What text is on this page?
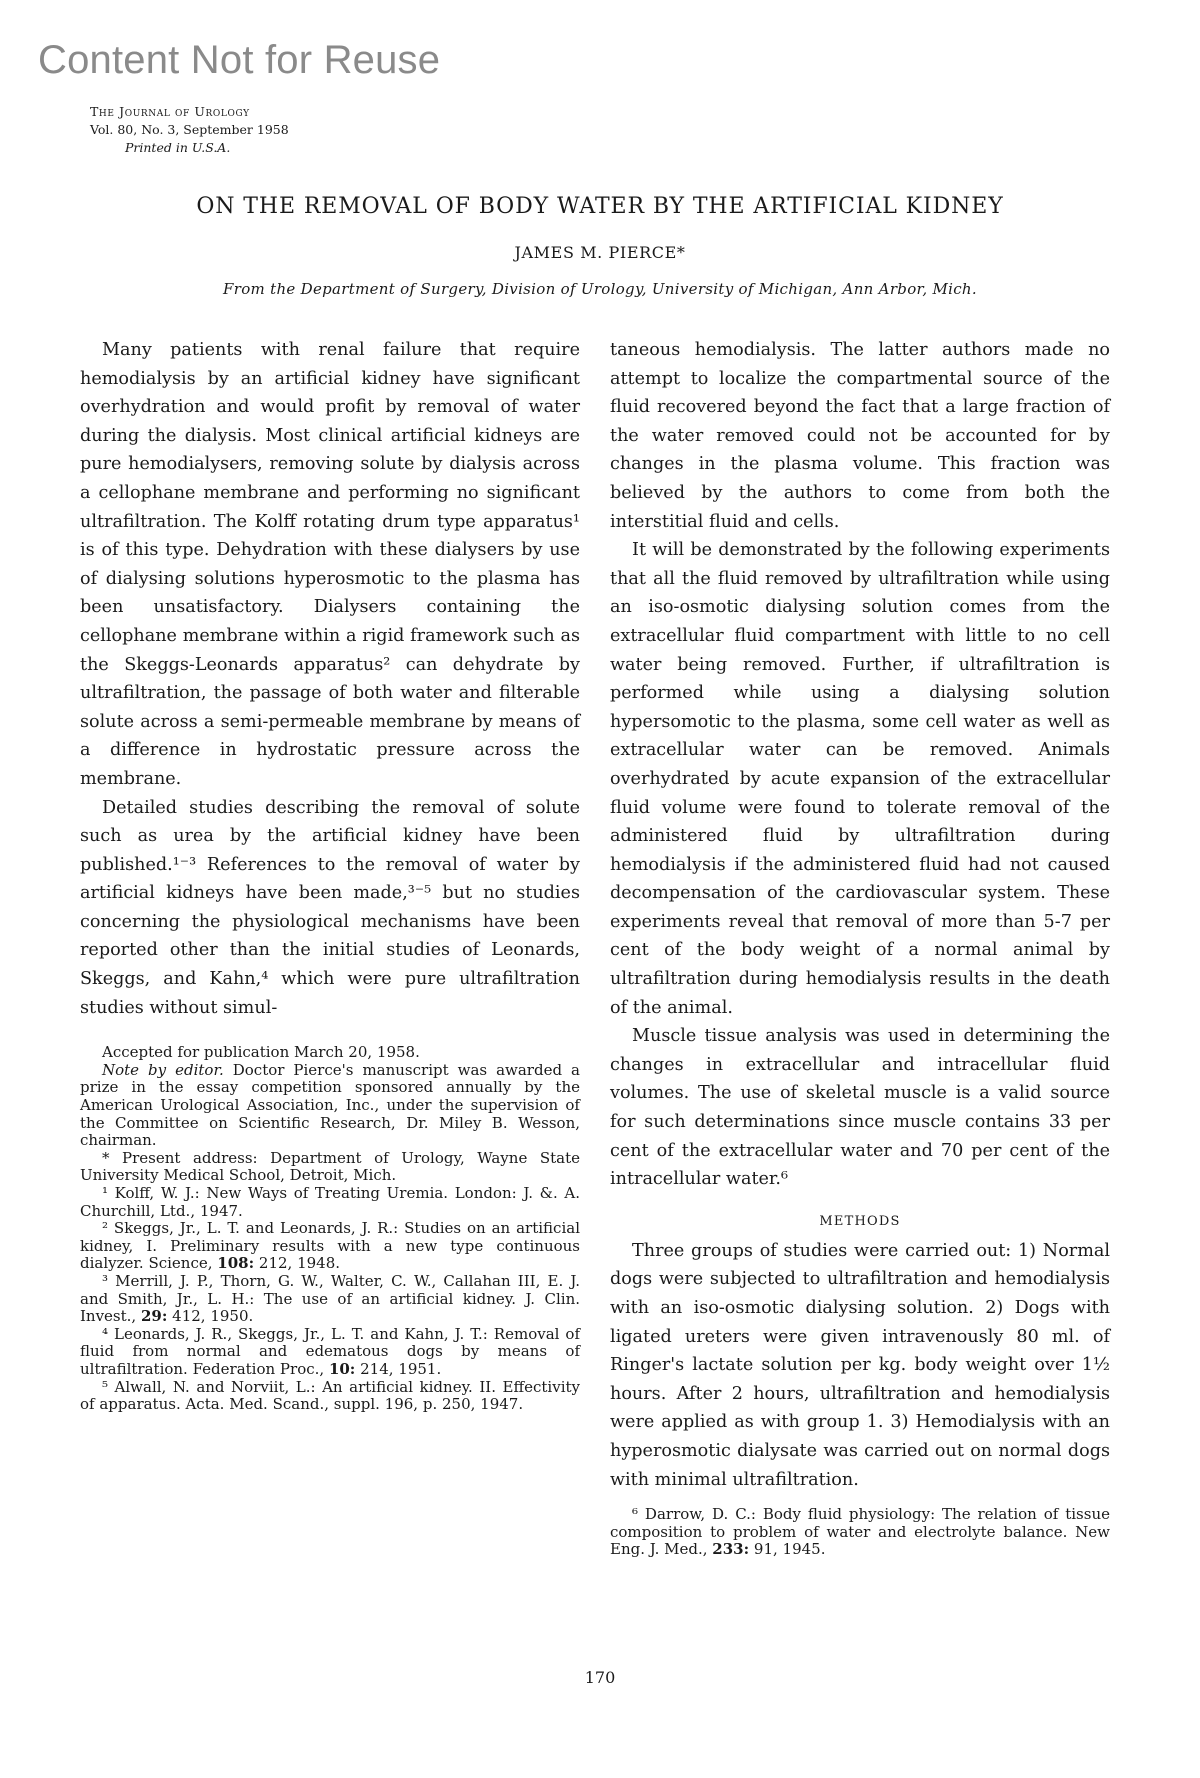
Content Not for Reuse
The Journal of Urology
Vol. 80, No. 3, September 1958
Printed in U.S.A.
ON THE REMOVAL OF BODY WATER BY THE ARTIFICIAL KIDNEY
JAMES M. PIERCE*
From the Department of Surgery, Division of Urology, University of Michigan, Ann Arbor, Mich.

Many patients with renal failure that require hemodialysis by an artificial kidney have significant overhydration and would profit by removal of water during the dialysis. Most clinical artificial kidneys are pure hemodialysers, removing solute by dialysis across a cellophane membrane and performing no significant ultrafiltration. The Kolff rotating drum type apparatus¹ is of this type. Dehydration with these dialysers by use of dialysing solutions hyperosmotic to the plasma has been unsatisfactory. Dialysers containing the cellophane membrane within a rigid framework such as the Skeggs-Leonards apparatus² can dehydrate by ultrafiltration, the passage of both water and filterable solute across a semi-permeable membrane by means of a difference in hydrostatic pressure across the membrane.

Detailed studies describing the removal of solute such as urea by the artificial kidney have been published.¹⁻³ References to the removal of water by artificial kidneys have been made,³⁻⁵ but no studies concerning the physiological mechanisms have been reported other than the initial studies of Leonards, Skeggs, and Kahn,⁴ which were pure ultrafiltration studies without simul-

Accepted for publication March 20, 1958.

Note by editor. Doctor Pierce's manuscript was awarded a prize in the essay competition sponsored annually by the American Urological Association, Inc., under the supervision of the Committee on Scientific Research, Dr. Miley B. Wesson, chairman.

* Present address: Department of Urology, Wayne State University Medical School, Detroit, Mich.

¹ Kolff, W. J.: New Ways of Treating Uremia. London: J. &. A. Churchill, Ltd., 1947.

² Skeggs, Jr., L. T. and Leonards, J. R.: Studies on an artificial kidney, I. Preliminary results with a new type continuous dialyzer. Science, 108: 212, 1948.

³ Merrill, J. P., Thorn, G. W., Walter, C. W., Callahan III, E. J. and Smith, Jr., L. H.: The use of an artificial kidney. J. Clin. Invest., 29: 412, 1950.

⁴ Leonards, J. R., Skeggs, Jr., L. T. and Kahn, J. T.: Removal of fluid from normal and edematous dogs by means of ultrafiltration. Federation Proc., 10: 214, 1951.

⁵ Alwall, N. and Norviit, L.: An artificial kidney. II. Effectivity of apparatus. Acta. Med. Scand., suppl. 196, p. 250, 1947.

taneous hemodialysis. The latter authors made no attempt to localize the compartmental source of the fluid recovered beyond the fact that a large fraction of the water removed could not be accounted for by changes in the plasma volume. This fraction was believed by the authors to come from both the interstitial fluid and cells.

It will be demonstrated by the following experiments that all the fluid removed by ultrafiltration while using an iso-osmotic dialysing solution comes from the extracellular fluid compartment with little to no cell water being removed. Further, if ultrafiltration is performed while using a dialysing solution hypersomotic to the plasma, some cell water as well as extracellular water can be removed. Animals overhydrated by acute expansion of the extracellular fluid volume were found to tolerate removal of the administered fluid by ultrafiltration during hemodialysis if the administered fluid had not caused decompensation of the cardiovascular system. These experiments reveal that removal of more than 5-7 per cent of the body weight of a normal animal by ultrafiltration during hemodialysis results in the death of the animal.

Muscle tissue analysis was used in determining the changes in extracellular and intracellular fluid volumes. The use of skeletal muscle is a valid source for such determinations since muscle contains 33 per cent of the extracellular water and 70 per cent of the intracellular water.⁶

METHODS

Three groups of studies were carried out: 1) Normal dogs were subjected to ultrafiltration and hemodialysis with an iso-osmotic dialysing solution. 2) Dogs with ligated ureters were given intravenously 80 ml. of Ringer's lactate solution per kg. body weight over 1½ hours. After 2 hours, ultrafiltration and hemodialysis were applied as with group 1. 3) Hemodialysis with an hyperosmotic dialysate was carried out on normal dogs with minimal ultrafiltration.

⁶ Darrow, D. C.: Body fluid physiology: The relation of tissue composition to problem of water and electrolyte balance. New Eng. J. Med., 233: 91, 1945.

170
